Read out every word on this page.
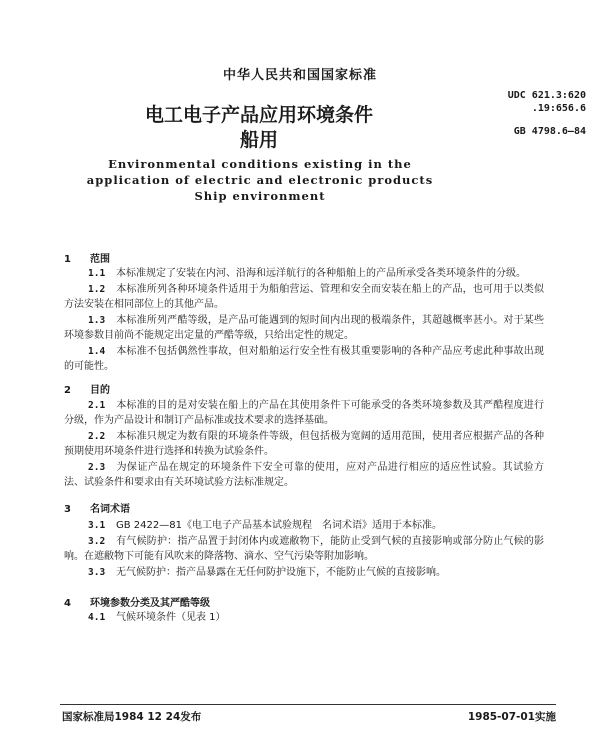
中华人民共和国国家标准
电工电子产品应用环境条件
船用
UDC 621.3:620
.19:656.6
GB 4798.6—84
Environmental conditions existing in the
application of electric and electronic products
Ship environment
1 范围
1.1 本标准规定了安装在内河、沿海和远洋航行的各种船舶上的产品所承受各类环境条件的分级。
1.2 本标准所列各种环境条件适用于为船舶营运、管理和安全而安装在船上的产品，也可用于以类似方法安装在相同部位上的其他产品。
1.3 本标准所列严酷等级，是产品可能遇到的短时间内出现的极端条件，其超越概率甚小。对于某些环境参数目前尚不能规定出定量的严酷等级，只给出定性的规定。
1.4 本标准不包括偶然性事故，但对船舶运行安全性有极其重要影响的各种产品应考虑此种事故出现的可能性。
2 目的
2.1 本标准的目的是对安装在船上的产品在其使用条件下可能承受的各类环境参数及其严酷程度进行分级，作为产品设计和制订产品标准或技术要求的选择基础。
2.2 本标准只规定为数有限的环境条件等级，但包括极为宽阔的适用范围，使用者应根据产品的各种预期使用环境条件进行选择和转换为试验条件。
2.3 为保证产品在规定的环境条件下安全可靠的使用，应对产品进行相应的适应性试验。其试验方法、试验条件和要求由有关环境试验方法标准规定。
3 名词术语
3.1 GB 2422—81《电工电子产品基本试验规程　名词术语》适用于本标准。
3.2 有气候防护：指产品置于封闭体内或遮敝物下，能防止受到气候的直接影响或部分防止气候的影响。在遮敝物下可能有风吹来的降落物、滴水、空气污染等附加影响。
3.3 无气候防护：指产品暴露在无任何防护设施下，不能防止气候的直接影响。
4 环境参数分类及其严酷等级
4.1 气候环境条件（见表 1）
国家标准局1984 12 24发布	1985-07-01实施
